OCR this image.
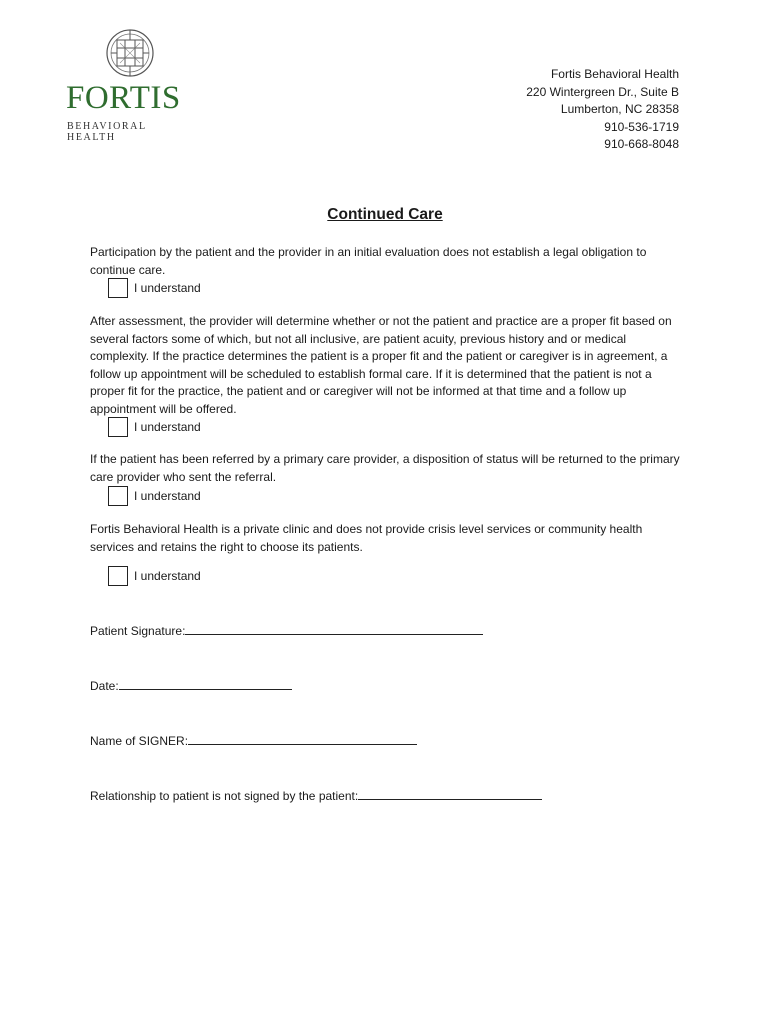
FORTIS
BEHAVIORAL HEALTH
Fortis Behavioral Health
220 Wintergreen Dr., Suite B
Lumberton, NC 28358
910-536-1719
910-668-8048
Continued Care
Participation by the patient and the provider in an initial evaluation does not establish a legal obligation to continue care.
I understand
After assessment, the provider will determine whether or not the patient and practice are a proper fit based on several factors some of which, but not all inclusive, are patient acuity, previous history and or medical complexity. If the practice determines the patient is a proper fit and the patient or caregiver is in agreement, a follow up appointment will be scheduled to establish formal care. If it is determined that the patient is not a proper fit for the practice, the patient and or caregiver will not be informed at that time and a follow up appointment will be offered.
I understand
If the patient has been referred by a primary care provider, a disposition of status will be returned to the primary care provider who sent the referral.
I understand
Fortis Behavioral Health is a private clinic and does not provide crisis level services or community health services and retains the right to choose its patients.
I understand
Patient Signature:
Date:
Name of SIGNER:
Relationship to patient is not signed by the patient:
